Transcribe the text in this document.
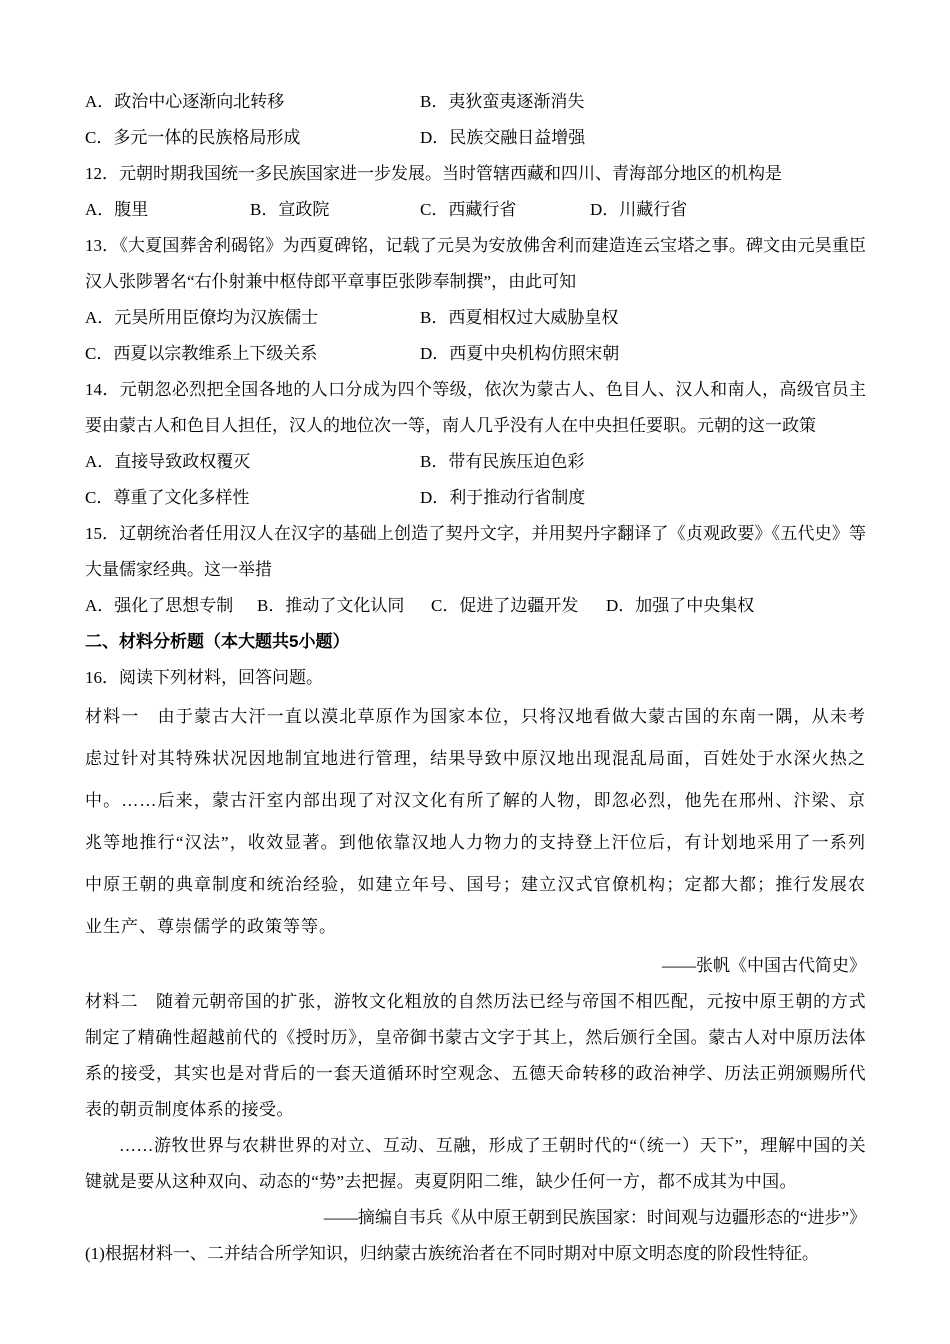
A．政治中心逐渐向北转移	B．夷狄蛮夷逐渐消失
C．多元一体的民族格局形成	D．民族交融日益增强

12．元朝时期我国统一多民族国家进一步发展。当时管辖西藏和四川、青海部分地区的机构是

A．腹里	B．宣政院	C．西藏行省	D．川藏行省

13．《大夏国葬舍利碣铭》为西夏碑铭，记载了元昊为安放佛舍利而建造连云宝塔之事。碑文由元昊重臣汉人张陟署名“右仆射兼中枢侍郎平章事臣张陟奉制撰”，由此可知

A．元昊所用臣僚均为汉族儒士	B．西夏相权过大威胁皇权
C．西夏以宗教维系上下级关系	D．西夏中央机构仿照宋朝

14．元朝忽必烈把全国各地的人口分成为四个等级，依次为蒙古人、色目人、汉人和南人，高级官员主要由蒙古人和色目人担任，汉人的地位次一等，南人几乎没有人在中央担任要职。元朝的这一政策

A．直接导致政权覆灭	B．带有民族压迫色彩
C．尊重了文化多样性	D．利于推动行省制度

15．辽朝统治者任用汉人在汉字的基础上创造了契丹文字，并用契丹字翻译了《贞观政要》《五代史》等大量儒家经典。这一举措

A．强化了思想专制	B．推动了文化认同	C．促进了边疆开发	D．加强了中央集权

二、材料分析题（本大题共5小题）

16．阅读下列材料，回答问题。

材料一　由于蒙古大汗一直以漠北草原作为国家本位，只将汉地看做大蒙古国的东南一隅，从未考虑过针对其特殊状况因地制宜地进行管理，结果导致中原汉地出现混乱局面，百姓处于水深火热之中。……后来，蒙古汗室内部出现了对汉文化有所了解的人物，即忽必烈，他先在邢州、汴梁、京兆等地推行“汉法”，收效显著。到他依靠汉地人力物力的支持登上汗位后，有计划地采用了一系列中原王朝的典章制度和统治经验，如建立年号、国号；建立汉式官僚机构；定都大都；推行发展农业生产、尊崇儒学的政策等等。

——张帆《中国古代简史》

材料二　随着元朝帝国的扩张，游牧文化粗放的自然历法已经与帝国不相匹配，元按中原王朝的方式制定了精确性超越前代的《授时历》，皇帝御书蒙古文字于其上，然后颁行全国。蒙古人对中原历法体系的接受，其实也是对背后的一套天道循环时空观念、五德天命转移的政治神学、历法正朔颁赐所代表的朝贡制度体系的接受。

……游牧世界与农耕世界的对立、互动、互融，形成了王朝时代的“（统一）天下”，理解中国的关键就是要从这种双向、动态的“势”去把握。夷夏阴阳二维，缺少任何一方，都不成其为中国。

——摘编自韦兵《从中原王朝到民族国家：时间观与边疆形态的“进步”》

(1)根据材料一、二并结合所学知识，归纳蒙古族统治者在不同时期对中原文明态度的阶段性特征。
